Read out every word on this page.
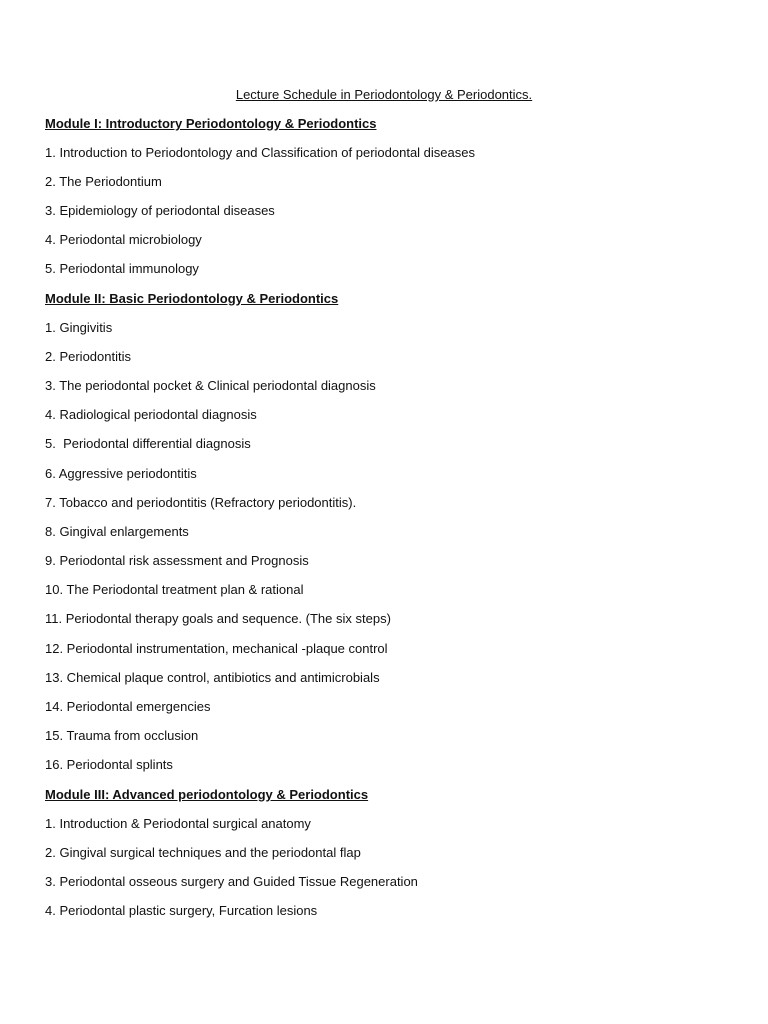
Lecture Schedule in Periodontology & Periodontics.

Module I: Introductory Periodontology & Periodontics

1. Introduction to Periodontology and Classification of periodontal diseases

2. The Periodontium

3. Epidemiology of periodontal diseases

4. Periodontal microbiology

5. Periodontal immunology

Module II: Basic Periodontology & Periodontics

1. Gingivitis

2. Periodontitis

3. The periodontal pocket & Clinical periodontal diagnosis

4. Radiological periodontal diagnosis

5.  Periodontal differential diagnosis

6. Aggressive periodontitis

7. Tobacco and periodontitis (Refractory periodontitis).

8. Gingival enlargements

9. Periodontal risk assessment and Prognosis

10. The Periodontal treatment plan & rational

11. Periodontal therapy goals and sequence. (The six steps)

12. Periodontal instrumentation, mechanical -plaque control

13. Chemical plaque control, antibiotics and antimicrobials

14. Periodontal emergencies

15. Trauma from occlusion

16. Periodontal splints

Module III: Advanced periodontology & Periodontics

1. Introduction & Periodontal surgical anatomy

2. Gingival surgical techniques and the periodontal flap

3. Periodontal osseous surgery and Guided Tissue Regeneration

4. Periodontal plastic surgery, Furcation lesions
